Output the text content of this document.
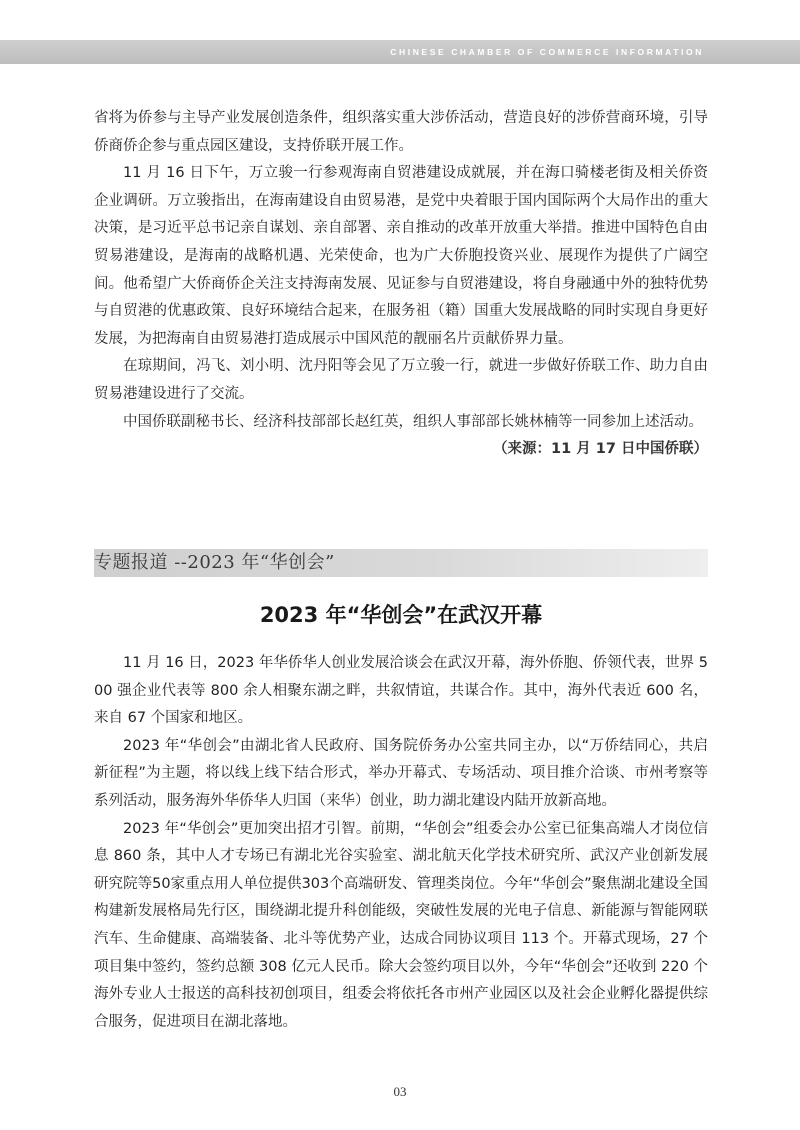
CHINESE CHAMBER OF COMMERCE INFORMATION

省将为侨参与主导产业发展创造条件，组织落实重大涉侨活动，营造良好的涉侨营商环境，引导侨商侨企参与重点园区建设，支持侨联开展工作。

11 月 16 日下午，万立骏一行参观海南自贸港建设成就展，并在海口骑楼老街及相关侨资企业调研。万立骏指出，在海南建设自由贸易港，是党中央着眼于国内国际两个大局作出的重大决策，是习近平总书记亲自谋划、亲自部署、亲自推动的改革开放重大举措。推进中国特色自由贸易港建设，是海南的战略机遇、光荣使命，也为广大侨胞投资兴业、展现作为提供了广阔空间。他希望广大侨商侨企关注支持海南发展、见证参与自贸港建设，将自身融通中外的独特优势与自贸港的优惠政策、良好环境结合起来，在服务祖（籍）国重大发展战略的同时实现自身更好发展，为把海南自由贸易港打造成展示中国风范的靓丽名片贡献侨界力量。

在琼期间，冯飞、刘小明、沈丹阳等会见了万立骏一行，就进一步做好侨联工作、助力自由贸易港建设进行了交流。

中国侨联副秘书长、经济科技部部长赵红英，组织人事部部长姚林楠等一同参加上述活动。

（来源：11 月 17 日中国侨联）

专题报道 --2023 年“华创会”
2023 年“华创会”在武汉开幕

11 月 16 日，2023 年华侨华人创业发展洽谈会在武汉开幕，海外侨胞、侨领代表，世界 500 强企业代表等 800 余人相聚东湖之畔，共叙情谊，共谋合作。其中，海外代表近 600 名，来自 67 个国家和地区。

2023 年“华创会”由湖北省人民政府、国务院侨务办公室共同主办，以“万侨结同心，共启新征程”为主题，将以线上线下结合形式，举办开幕式、专场活动、项目推介洽谈、市州考察等系列活动，服务海外华侨华人归国（来华）创业，助力湖北建设内陆开放新高地。

2023 年“华创会”更加突出招才引智。前期，“华创会”组委会办公室已征集高端人才岗位信息 860 条，其中人才专场已有湖北光谷实验室、湖北航天化学技术研究所、武汉产业创新发展研究院等50家重点用人单位提供303个高端研发、管理类岗位。今年“华创会”聚焦湖北建设全国构建新发展格局先行区，围绕湖北提升科创能级，突破性发展的光电子信息、新能源与智能网联汽车、生命健康、高端装备、北斗等优势产业，达成合同协议项目 113 个。开幕式现场，27 个项目集中签约，签约总额 308 亿元人民币。除大会签约项目以外，今年“华创会”还收到 220 个海外专业人士报送的高科技初创项目，组委会将依托各市州产业园区以及社会企业孵化器提供综合服务，促进项目在湖北落地。

03
